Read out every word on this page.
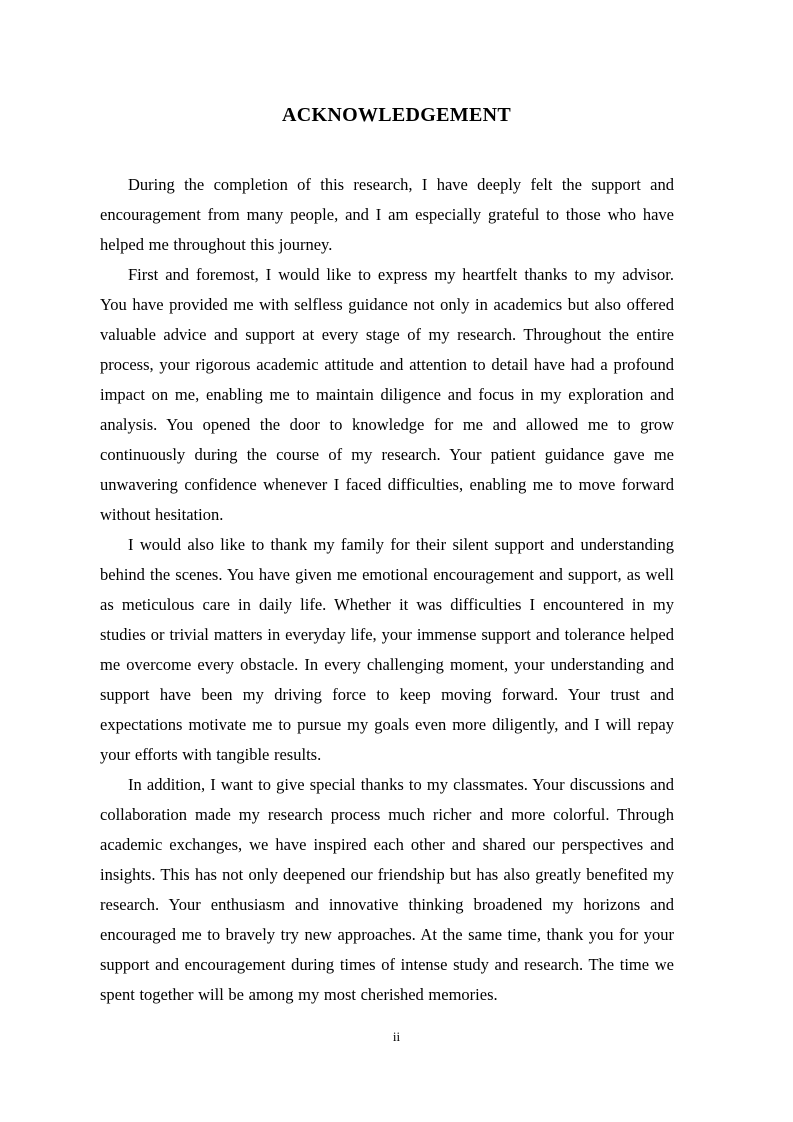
ACKNOWLEDGEMENT

During the completion of this research, I have deeply felt the support and encouragement from many people, and I am especially grateful to those who have helped me throughout this journey.

First and foremost, I would like to express my heartfelt thanks to my advisor. You have provided me with selfless guidance not only in academics but also offered valuable advice and support at every stage of my research. Throughout the entire process, your rigorous academic attitude and attention to detail have had a profound impact on me, enabling me to maintain diligence and focus in my exploration and analysis. You opened the door to knowledge for me and allowed me to grow continuously during the course of my research. Your patient guidance gave me unwavering confidence whenever I faced difficulties, enabling me to move forward without hesitation.

I would also like to thank my family for their silent support and understanding behind the scenes. You have given me emotional encouragement and support, as well as meticulous care in daily life. Whether it was difficulties I encountered in my studies or trivial matters in everyday life, your immense support and tolerance helped me overcome every obstacle. In every challenging moment, your understanding and support have been my driving force to keep moving forward. Your trust and expectations motivate me to pursue my goals even more diligently, and I will repay your efforts with tangible results.

In addition, I want to give special thanks to my classmates. Your discussions and collaboration made my research process much richer and more colorful. Through academic exchanges, we have inspired each other and shared our perspectives and insights. This has not only deepened our friendship but has also greatly benefited my research. Your enthusiasm and innovative thinking broadened my horizons and encouraged me to bravely try new approaches. At the same time, thank you for your support and encouragement during times of intense study and research. The time we spent together will be among my most cherished memories.

ii
